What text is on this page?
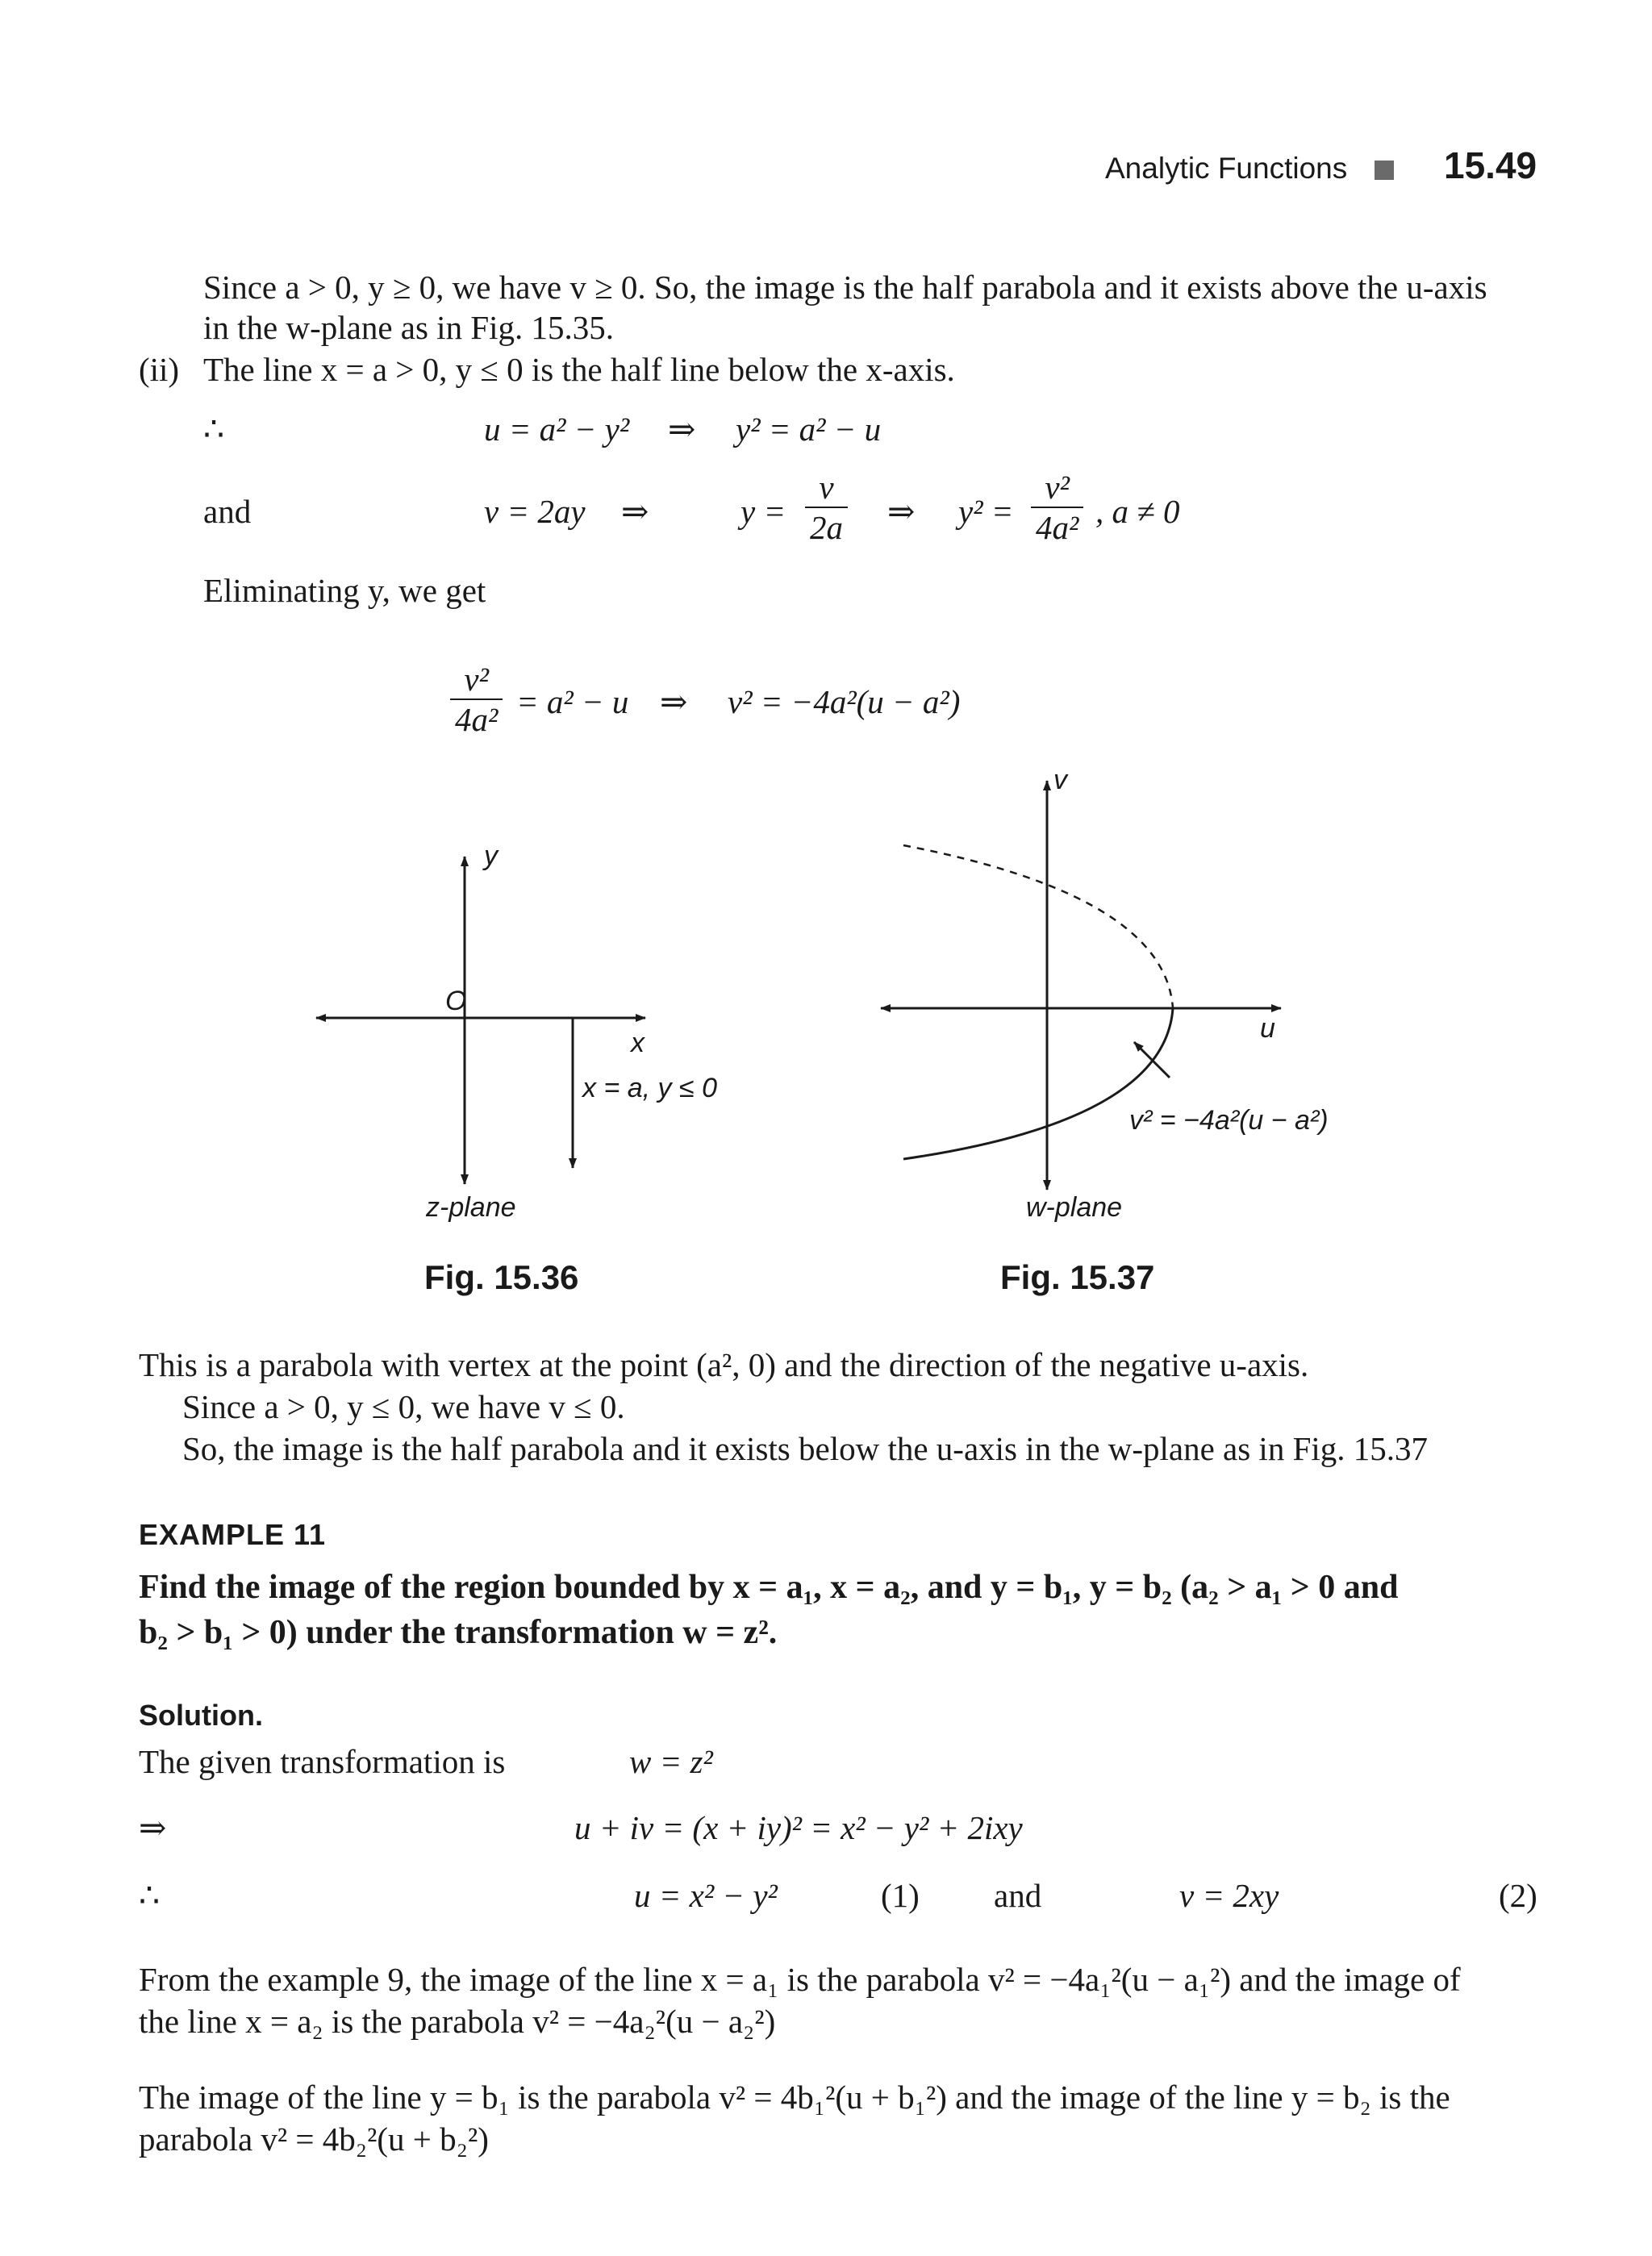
Analytic Functions	15.49
Since a > 0, y ≥ 0, we have v ≥ 0. So, the image is the half parabola and it exists above the u-axis
in the w-plane as in Fig. 15.35.
(ii) The line x = a > 0, y ≤ 0 is the half line below the x-axis.
∴	u = a² − y² ⇒ y² = a² − u
and	v = 2ay ⇒	$y = \frac{v}{2a}$ ⇒ $y^2 = \frac{\text{v²}}{\text{4a²}}$ , a ≠ 0
Eliminating y, we get
$\frac{\text{v²}}{\text{4a²}} = a^2 - u$ ⇒ v² = −4a²(u − a²)
y
O
x
x = a, y ≤ 0
z-plane
Fig. 15.36
v
u
v² = −4a²(u − a²)
w-plane
Fig. 15.37
This is a parabola with vertex at the point (a², 0) and the direction of the negative u-axis.
Since a > 0, y ≤ 0, we have v ≤ 0.
So, the image is the half parabola and it exists below the u-axis in the w-plane as in Fig. 15.37
EXAMPLE 11
Find the image of the region bounded by x = a₁, x = a₂, and y = b₁, y = b₂ (a₂ > a₁ > 0 and
b₂ > b₁ > 0) under the transformation w = z².
Solution.
The given transformation is	w = z²
⇒	u + iv = (x + iy)² = x² − y² + 2ixy
∴	u = x² − y²	(1) and	v = 2xy	(2)
From the example 9, the image of the line x = a₁ is the parabola v² = −4a₁²(u − a₁²) and the image of
the line x = a₂ is the parabola v² = −4a₂²(u − a₂²)
The image of the line y = b₁ is the parabola v² = 4b₁²(u + b₁²) and the image of the line y = b₂ is the
parabola v² = 4b₂²(u + b₂²)
